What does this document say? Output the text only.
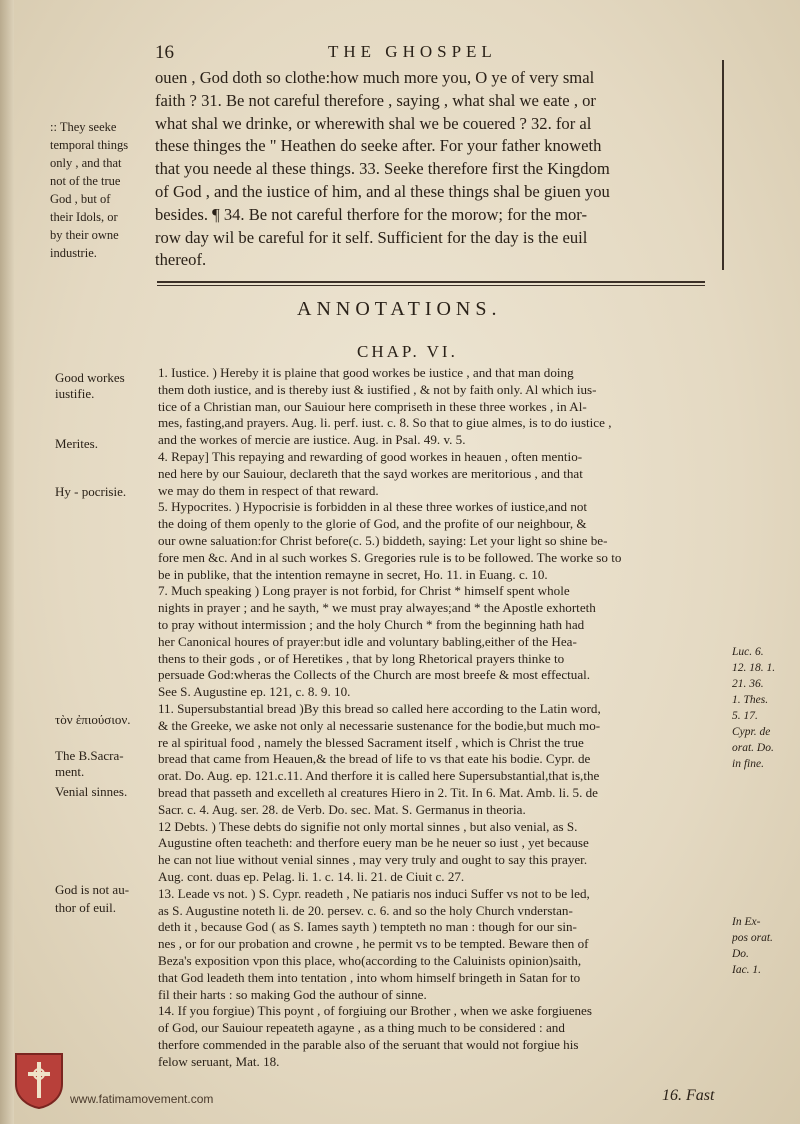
16	THE GHOSPEL
ouen , God doth so clothe:how much more you, O ye of very smal
faith ? 31. Be not careful therefore , saying , what shal we eate , or
what shal we drinke, or wherewith shal we be couered ? 32. for al
these thinges the " Heathen do seeke after. For your father knoweth
that you neede al these things. 33. Seeke therefore first the Kingdom
of God , and the iustice of him, and al these things shal be giuen you
besides. ¶ 34. Be not careful therfore for the morow; for the mor-
row day wil be careful for it self. Sufficient for the day is the euil
thereof.
:: They seeke
temporal things
only , and that
not of the true
God , but of
their Idols, or
by their owne
industrie.
ANNOTATIONS.
CHAP. VI.
1. Iustice. ) Hereby it is plaine that good workes be iustice , and that man doing
them doth iustice, and is thereby iust & iustified , & not by faith only. Al which ius-
tice of a Christian man, our Sauiour here compriseth in these three workes , in Al-
mes, fasting,and prayers. Aug. li. perf. iust. c. 8. So that to giue almes, is to do iustice ,
and the workes of mercie are iustice. Aug. in Psal. 49. v. 5.
4. Repay] This repaying and rewarding of good workes in heauen , often mentio-
ned here by our Sauiour, declareth that the sayd workes are meritorious , and that
we may do them in respect of that reward.
5. Hypocrites. ) Hypocrisie is forbidden in al these three workes of iustice,and not
the doing of them openly to the glorie of God, and the profite of our neighbour, &
our owne saluation:for Christ before(c. 5.) biddeth, saying: Let your light so shine be-
fore men &c. And in al such workes S. Gregories rule is to be followed. The worke so to
be in publike, that the intention remayne in secret, Ho. 11. in Euang. c. 10.
7. Much speaking ) Long prayer is not forbid, for Christ * himself spent whole
nights in prayer ; and he sayth, * we must pray alwayes;and * the Apostle exhorteth
to pray without intermission ; and the holy Church * from the beginning hath had
her Canonical houres of prayer:but idle and voluntary babling,either of the Hea-
thens to their gods , or of Heretikes , that by long Rhetorical prayers thinke to
persuade God:wheras the Collects of the Church are most breefe & most effectual.
See S. Augustine ep. 121, c. 8. 9. 10.
11. Supersubstantial bread )By this bread so called here according to the Latin word,
& the Greeke, we aske not only al necessarie sustenance for the bodie,but much mo-
re al spiritual food , namely the blessed Sacrament itself , which is Christ the true
bread that came from Heauen,& the bread of life to vs that eate his bodie. Cypr. de
orat. Do. Aug. ep. 121.c.11. And therfore it is called here Supersubstantial,that is,the
bread that passeth and excelleth al creatures Hiero in 2. Tit. In 6. Mat. Amb. li. 5. de
Sacr. c. 4. Aug. ser. 28. de Verb. Do. sec. Mat. S. Germanus in theoria.
12 Debts. ) These debts do signifie not only mortal sinnes , but also venial, as S.
Augustine often teacheth: and therfore euery man be he neuer so iust , yet because
he can not liue without venial sinnes , may very truly and ought to say this prayer.
Aug. cont. duas ep. Pelag. li. 1. c. 14. li. 21. de Ciuit c. 27.
13. Leade vs not. ) S. Cypr. readeth , Ne patiaris nos induci Suffer vs not to be led,
as S. Augustine noteth li. de 20. persev. c. 6. and so the holy Church vnderstan-
deth it , because God ( as S. Iames sayth ) tempteth no man : though for our sin-
nes , or for our probation and crowne , he permit vs to be tempted. Beware then of
Beza's exposition vpon this place, who(according to the Caluinists opinion)saith,
that God leadeth them into tentation , into whom himself bringeth in Satan for to
fil their harts : so making God the authour of sinne.
14. If you forgiue) This poynt , of forgiuing our Brother , when we aske forgiuenes
of God, our Sauiour repeateth agayne , as a thing much to be considered : and
therfore commended in the parable also of the seruant that would not forgiue his
felow seruant, Mat. 18.
Good workes
iustifie.
Merites.
Hy - pocrisie.
τὸν ἐπιούσιον.
The B.Sacra-
ment.
Venial sinnes.
God is not au-
thor of euil.
Luc. 6.
12. 18. 1.
21. 36.
1. Thes.
5. 17.
Cypr. de
orat. Do.
in fine.
In Ex-
pos orat.
Do.
Iac. 1.
16. Fast
www.fatimamovement.com
